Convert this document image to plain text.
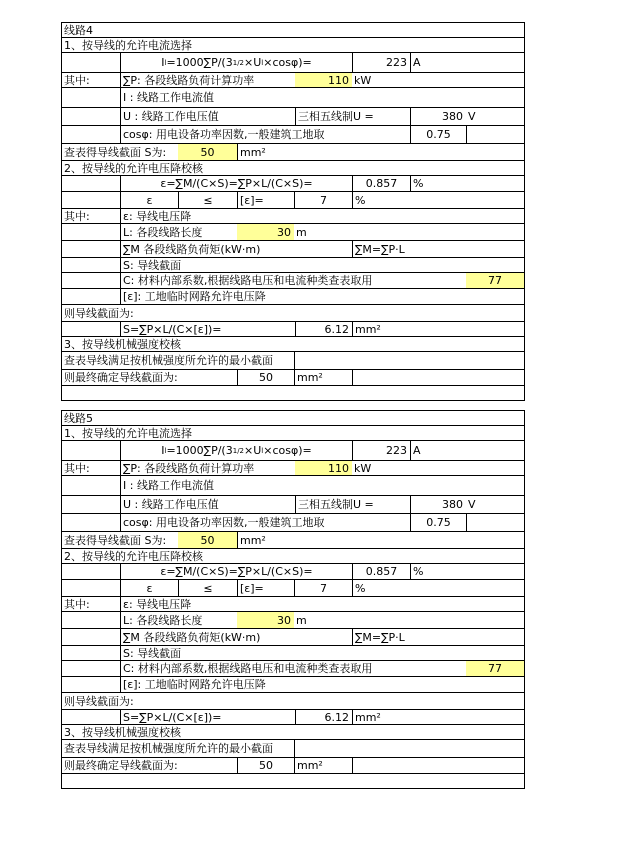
线路4
1、按导线的允许电流选择
I l =1000∑P/(3 1/2 ×U l ×cosφ)=	223 A
其中:	∑P: 各段线路负荷计算功率	110 kW
I : 线路工作电流值
U : 线路工作电压值	三相五线制U =	380 V
cosφ: 用电设备功率因数,一般建筑工地取	0.75
查表得导线截面 S为:	50	mm²
2、按导线的允许电压降校核
ε=∑M/(C×S)=∑P×L/(C×S)=	0.857	%
ε	≤	[ε]=	7	%
其中:	ε: 导线电压降
L: 各段线路长度	30 m
∑M 各段线路负荷矩(kW·m)	∑M=∑P·L
S: 导线截面
C: 材料内部系数,根据线路电压和电流种类查表取用	77
[ε]: 工地临时网路允许电压降
则导线截面为:
S=∑P×L/(C×[ε])=	6.12 mm²
3、按导线机械强度校核
查表导线满足按机械强度所允许的最小截面
则最终确定导线截面为:	50	mm²
线路5
1、按导线的允许电流选择
I l =1000∑P/(3 1/2 ×U l ×cosφ)=	223 A
其中:	∑P: 各段线路负荷计算功率	110 kW
I : 线路工作电流值
U : 线路工作电压值	三相五线制U =	380 V
cosφ: 用电设备功率因数,一般建筑工地取	0.75
查表得导线截面 S为:	50	mm²
2、按导线的允许电压降校核
ε=∑M/(C×S)=∑P×L/(C×S)=	0.857	%
ε	≤	[ε]=	7	%
其中:	ε: 导线电压降
L: 各段线路长度	30 m
∑M 各段线路负荷矩(kW·m)	∑M=∑P·L
S: 导线截面
C: 材料内部系数,根据线路电压和电流种类查表取用	77
[ε]: 工地临时网路允许电压降
则导线截面为:
S=∑P×L/(C×[ε])=	6.12 mm²
3、按导线机械强度校核
查表导线满足按机械强度所允许的最小截面
则最终确定导线截面为:	50	mm²
